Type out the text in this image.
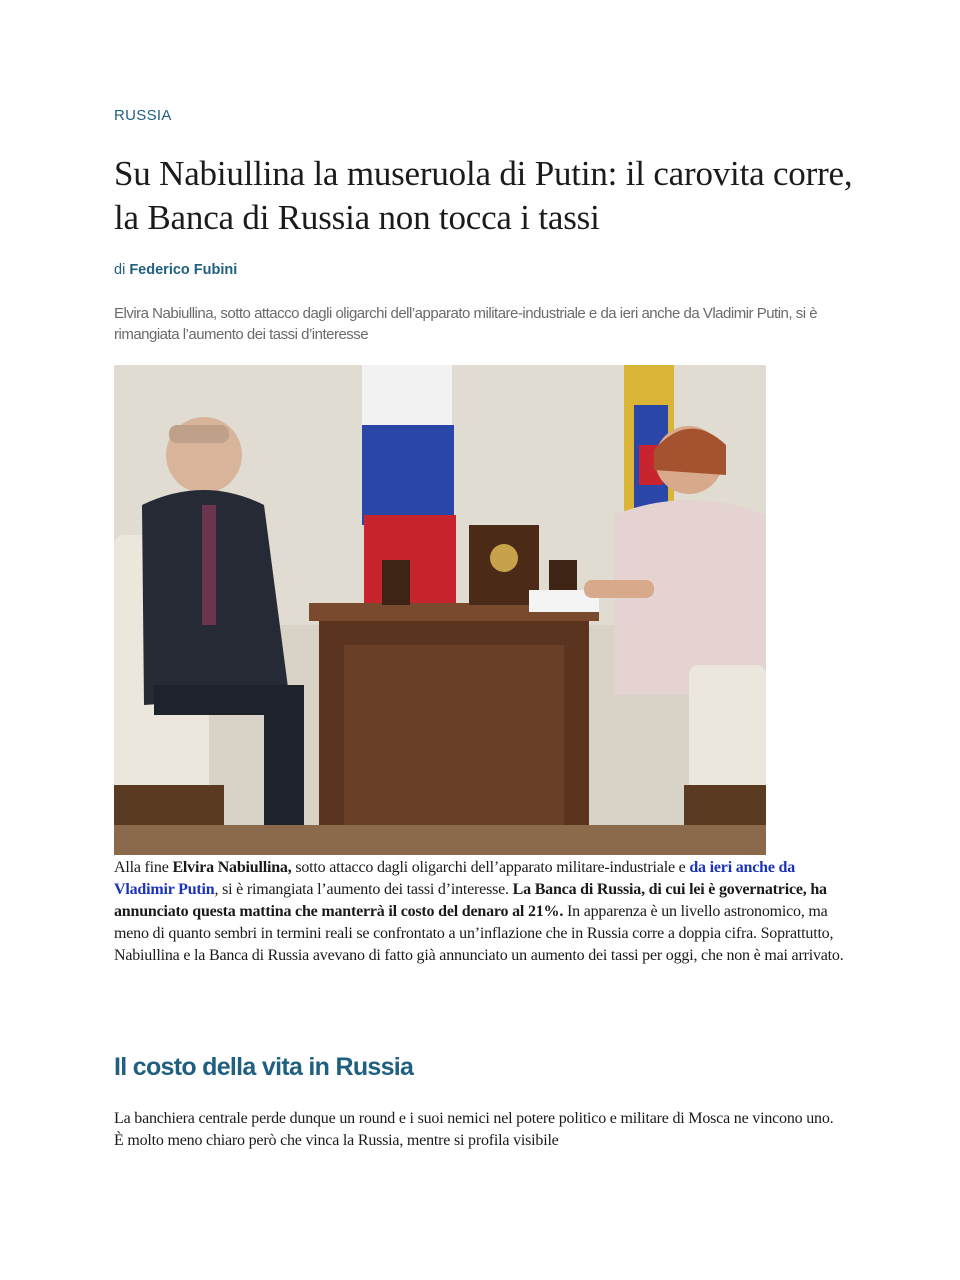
RUSSIA
Su Nabiullina la museruola di Putin: il carovita corre, la Banca di Russia non tocca i tassi
di Federico Fubini

Elvira Nabiullina, sotto attacco dagli oligarchi dell’apparato militare-industriale e da ieri anche da Vladimir Putin, si è rimangiata l’aumento dei tassi d’interesse

Alla fine Elvira Nabiullina, sotto attacco dagli oligarchi dell’apparato militare-industriale e da ieri anche da Vladimir Putin, si è rimangiata l’aumento dei tassi d’interesse. La Banca di Russia, di cui lei è governatrice, ha annunciato questa mattina che manterrà il costo del denaro al 21%. In apparenza è un livello astronomico, ma meno di quanto sembri in termini reali se confrontato a un’inflazione che in Russia corre a doppia cifra. Soprattutto, Nabiullina e la Banca di Russia avevano di fatto già annunciato un aumento dei tassi per oggi, che non è mai arrivato.

Il costo della vita in Russia

La banchiera centrale perde dunque un round e i suoi nemici nel potere politico e militare di Mosca ne vincono uno. È molto meno chiaro però che vinca la Russia, mentre si profila visibile
